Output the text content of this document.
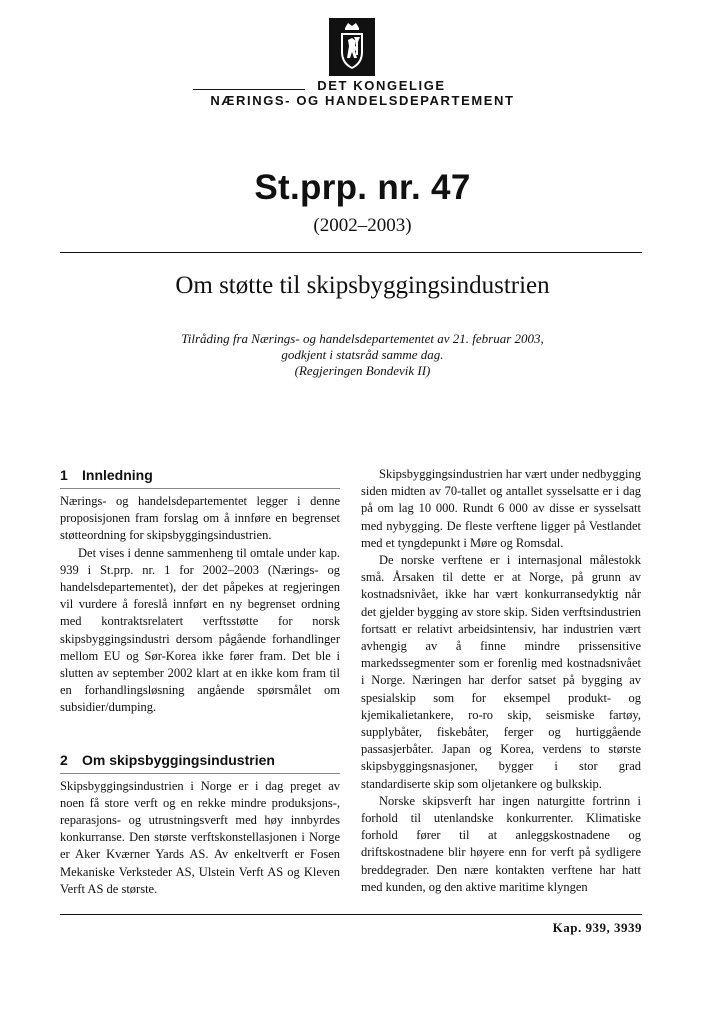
DET KONGELIGE
NÆRINGS- OG HANDELSDEPARTEMENT
St.prp. nr. 47
(2002–2003)
Om støtte til skipsbyggingsindustrien
Tilråding fra Nærings- og handelsdepartementet av 21. februar 2003,
godkjent i statsråd samme dag.
(Regjeringen Bondevik II)
1 Innledning

Nærings- og handelsdepartementet legger i denne proposisjonen fram forslag om å innføre en begrenset støtteordning for skipsbyggingsindustrien.

Det vises i denne sammenheng til omtale under kap. 939 i St.prp. nr. 1 for 2002–2003 (Nærings- og handelsdepartementet), der det påpekes at regjeringen vil vurdere å foreslå innført en ny begrenset ordning med kontraktsrelatert verftsstøtte for norsk skipsbyggingsindustri dersom pågående forhandlinger mellom EU og Sør-Korea ikke fører fram. Det ble i slutten av september 2002 klart at en ikke kom fram til en forhandlingsløsning angående spørsmålet om subsidier/dumping.

2 Om skipsbyggingsindustrien

Skipsbyggingsindustrien i Norge er i dag preget av noen få store verft og en rekke mindre produksjons-, reparasjons- og utrustningsverft med høy innbyrdes konkurranse. Den største verftskonstellasjonen i Norge er Aker Kværner Yards AS. Av enkeltverft er Fosen Mekaniske Verksteder AS, Ulstein Verft AS og Kleven Verft AS de største.

Skipsbyggingsindustrien har vært under nedbygging siden midten av 70-tallet og antallet sysselsatte er i dag på om lag 10 000. Rundt 6 000 av disse er sysselsatt med nybygging. De fleste verftene ligger på Vestlandet med et tyngdepunkt i Møre og Romsdal.

De norske verftene er i internasjonal målestokk små. Årsaken til dette er at Norge, på grunn av kostnadsnivået, ikke har vært konkurransedyktig når det gjelder bygging av store skip. Siden verftsindustrien fortsatt er relativt arbeidsintensiv, har industrien vært avhengig av å finne mindre prissensitive markedssegmenter som er forenlig med kostnadsnivået i Norge. Næringen har derfor satset på bygging av spesialskip som for eksempel produkt- og kjemikalietankere, ro-ro skip, seismiske fartøy, supplybåter, fiskebåter, ferger og hurtiggående passasjerbåter. Japan og Korea, verdens to største skipsbyggingsnasjoner, bygger i stor grad standardiserte skip som oljetankere og bulkskip.

Norske skipsverft har ingen naturgitte fortrinn i forhold til utenlandske konkurrenter. Klimatiske forhold fører til at anleggskostnadene og driftskostnadene blir høyere enn for verft på sydligere breddegrader. Den nære kontakten verftene har hatt med kunden, og den aktive maritime klyngen

Kap. 939, 3939
